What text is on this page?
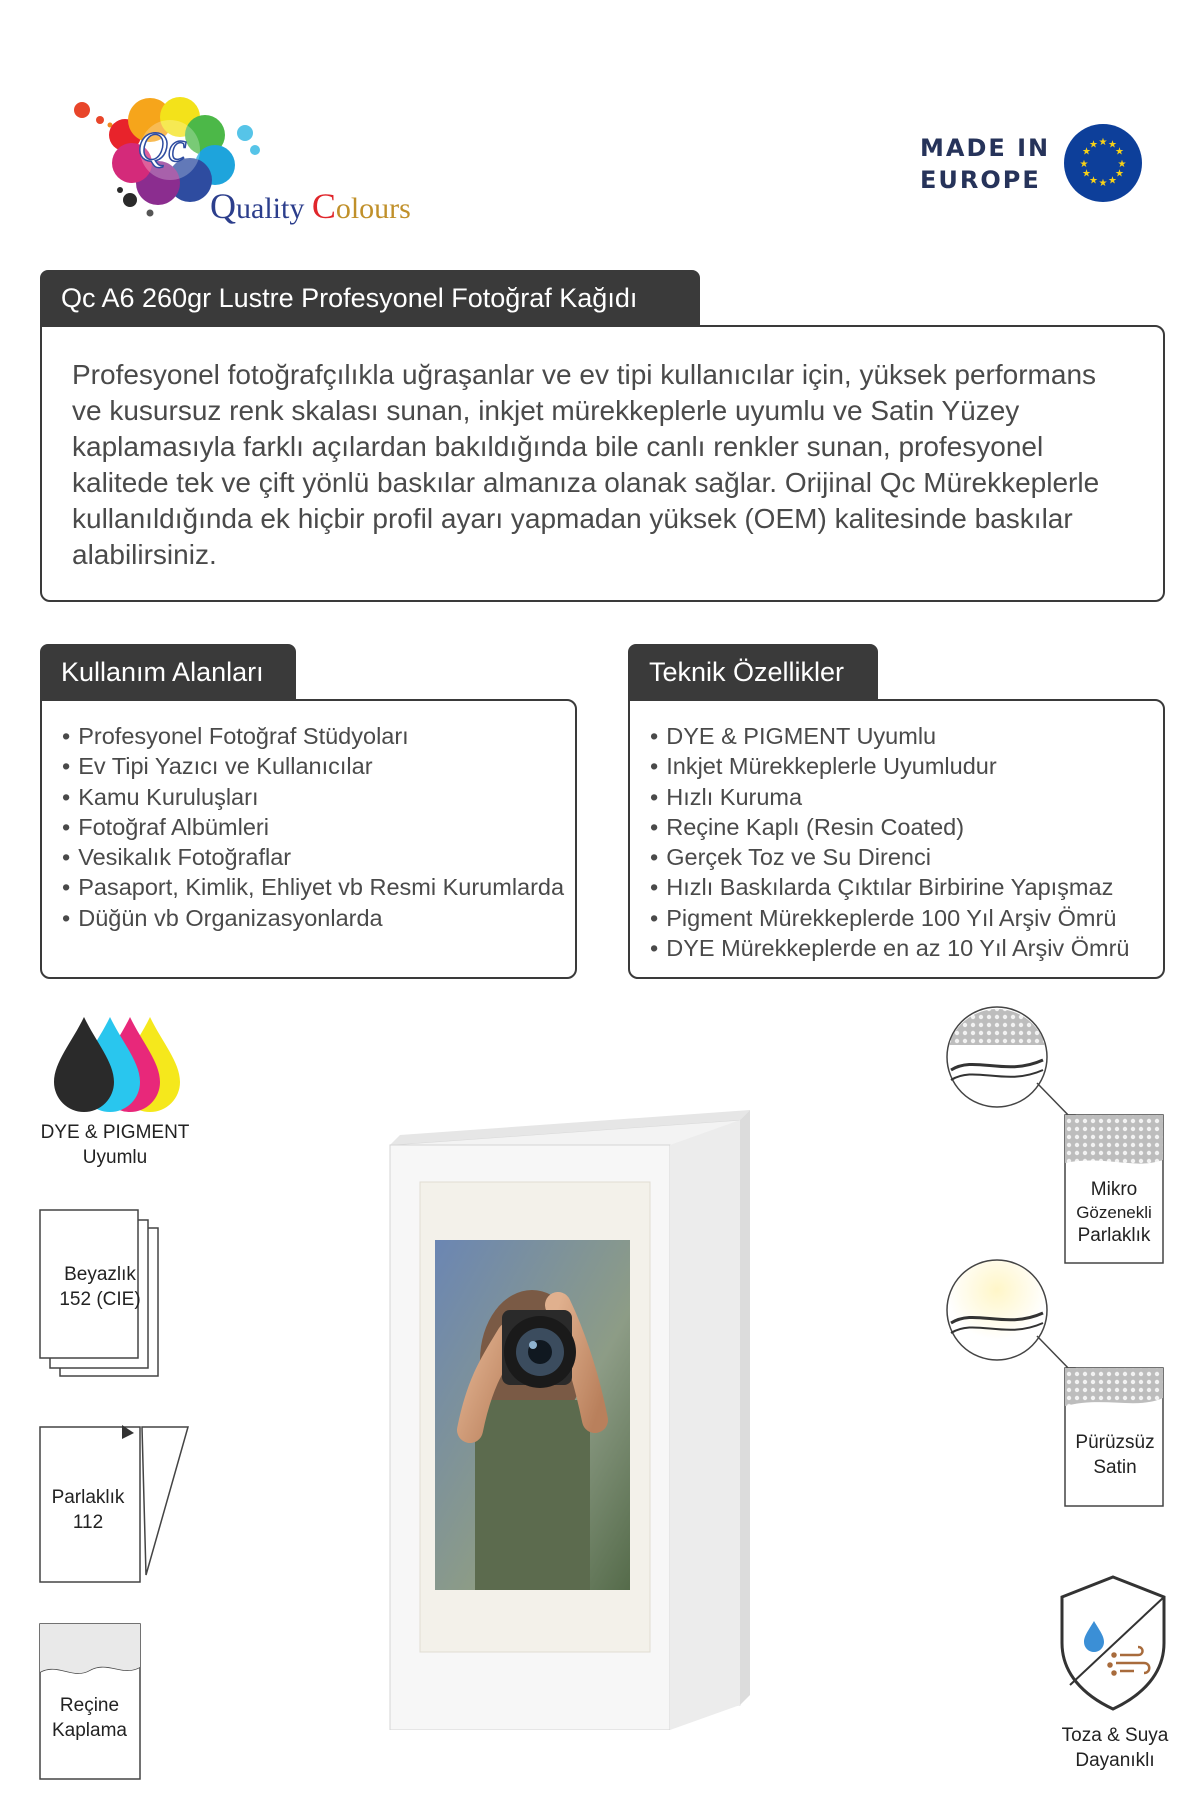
Qc
Quality Colours
MADE IN
EUROPE
★ ★
★
★
★
★
★
★
★
★
★
★
Qc A6 260gr Lustre Profesyonel Fotoğraf Kağıdı

Profesyonel fotoğrafçılıkla uğraşanlar ve ev tipi kullanıcılar için, yüksek performans ve kusursuz renk skalası sunan, inkjet mürekkeplerle uyumlu ve Satin Yüzey kaplamasıyla farklı açılardan bakıldığında bile canlı renkler sunan, profesyonel kalitede tek ve çift yönlü baskılar almanıza olanak sağlar. Orijinal Qc Mürekkeplerle kullanıldığında ek hiçbir profil ayarı yapmadan yüksek (OEM) kalitesinde baskılar alabilirsiniz.

Kullanım Alanları
• Profesyonel Fotoğraf Stüdyoları
• Ev Tipi Yazıcı ve Kullanıcılar
• Kamu Kuruluşları
• Fotoğraf Albümleri
• Vesikalık Fotoğraflar
• Pasaport, Kimlik, Ehliyet vb Resmi Kurumlarda
• Düğün vb Organizasyonlarda
Teknik Özellikler
• DYE & PIGMENT Uyumlu
• Inkjet Mürekkeplerle Uyumludur
• Hızlı Kuruma
• Reçine Kaplı (Resin Coated)
• Gerçek Toz ve Su Direnci
• Hızlı Baskılarda Çıktılar Birbirine Yapışmaz
• Pigment Mürekkeplerde 100 Yıl Arşiv Ömrü
• DYE Mürekkeplerde en az 10 Yıl Arşiv Ömrü
DYE & PIGMENT
Uyumlu
Beyazlık
152 (CIE)
Parlaklık
112
Reçine
Kaplama
Mikro
Gözenekli
Parlaklık
Pürüzsüz
Satin
Toza & Suya
Dayanıklı
